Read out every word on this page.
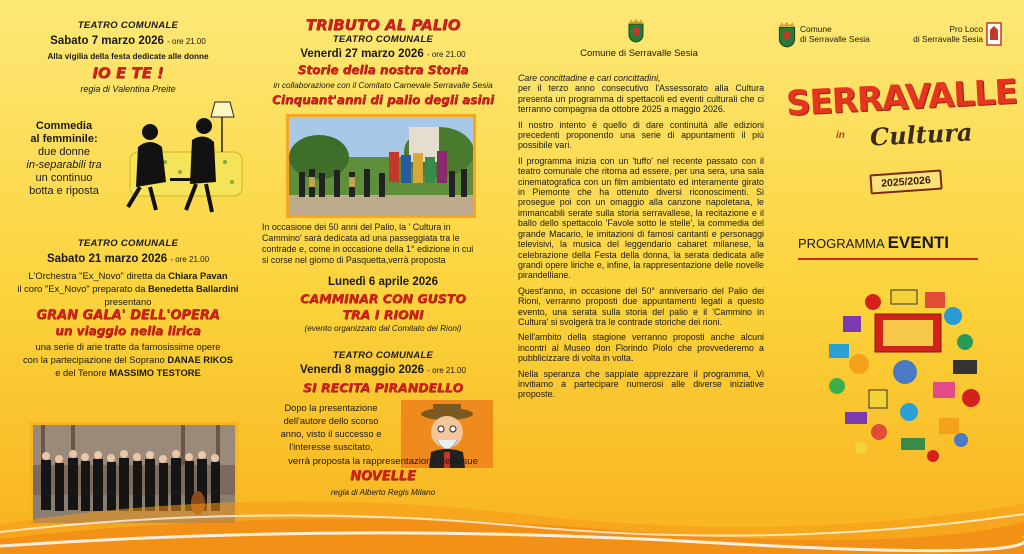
TEATRO COMUNALE
Sabato 7 marzo 2026 - ore 21.00
Alla vigilia della festa dedicate alle donne
IO E TE !
regia di Valentina Preite
Commedia
al femminile:
due donne
in-separabili tra
un continuo
botta e riposta
TEATRO COMUNALE
Sabato 21 marzo 2026 - ore 21.00
L'Orchestra "Ex_Novo" diretta da Chiara Pavan
il coro "Ex_Novo" preparato da Benedetta Ballardini
presentano
GRAN GALA' DELL'OPERA
un viaggio nella lirica
una serie di arie tratte da famosissime opere
con la partecipazione del Soprano DANAE RIKOS
e del Tenore MASSIMO TESTORE
TRIBUTO AL PALIO
TEATRO COMUNALE
Venerdì 27 marzo 2026 - ore 21.00
Storie della nostra Storia
in collaborazione con il Comitato Carnevale Serravalle Sesia
Cinquant'anni di palio degli asini
In occasione dei 50 anni del Palio, la ' Cultura in
Cammino' sarà dedicata ad una passeggiata tra le
contrade e, come in occasione della 1° edizione in cui
si corse nel giorno di Pasquetta,verrà proposta
Lunedì 6 aprile 2026
CAMMINAR CON GUSTO
TRA I RIONI
(evento organizzato dal Comitato dei Rioni)
TEATRO COMUNALE
Venerdì 8 maggio 2026 - ore 21.00
SI RECITA PIRANDELLO
Dopo la presentazione
dell'autore dello scorso
anno, visto il successo e
l'interesse suscitato,
verrà proposta la rappresentazione delle sue
NOVELLE
regia di Alberto Regis Milano
Comune di Serravalle Sesia

Care concittadine e cari concittadini,

per il terzo anno consecutivo l'Assessorato alla Cultura presenta un programma di spettacoli ed eventi culturali che ci terranno compagnia da ottobre 2025 a maggio 2026.

Il nostro intento è quello di dare continuità alle edizioni precedenti proponendo una serie di appuntamenti il più possibile vari.

Il programma inizia con un 'tuffo' nel recente passato con il teatro comunale che ritorna ad essere, per una sera, una sala cinematografica con un film ambientato ed interamente girato in Piemonte che ha ottenuto diversi riconoscimenti. Si prosegue poi con un omaggio alla canzone napoletana, le immancabili serate sulla storia serravallese, la recitazione e il ballo dello spettacolo 'Favole sotto le stelle', la commedia del grande Macario, le imitazioni di famosi cantanti e personaggi televisivi, la musica del leggendario cabaret milanese, la celebrazione della Festa della donna, la serata dedicata alle grandi opere liriche e, infine, la rappresentazione delle novelle pirandelliane.

Quest'anno, in occasione del 50° anniversario del Palio dei Rioni, verranno proposti due appuntamenti legati a questo evento, una serata sulla storia del palio e il 'Cammino in Cultura' si svolgerà tra le contrade storiche dei rioni.

Nell'ambito della stagione verranno proposti anche alcuni incontri al Museo don Florindo Piolo che provvederemo a pubblicizzare di volta in volta.

Nella speranza che sappiate apprezzare il programma, Vi invitiamo a partecipare numerosi alle diverse iniziative proposte.

Comune
di Serravalle Sesia
Pro Loco
di Serravalle Sesia
SERRAVALLE
in Cultura
2025/2026
PROGRAMMA EVENTI
